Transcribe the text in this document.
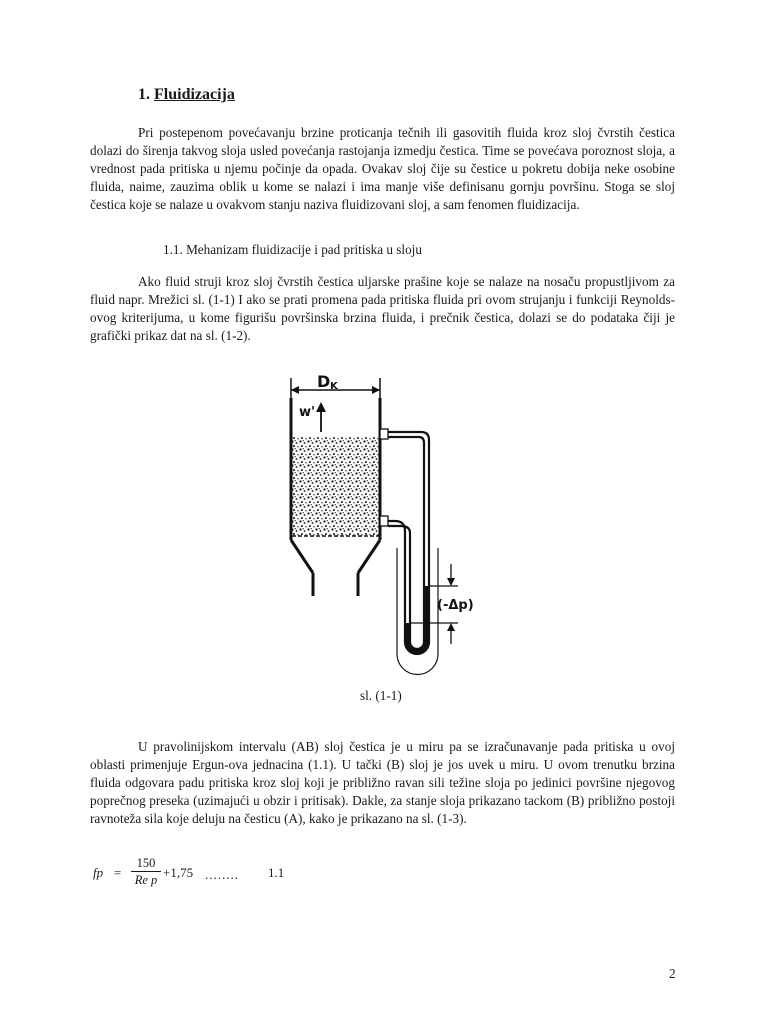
1. Fluidizacija

Pri postepenom povećavanju brzine proticanja tečnih ili gasovitih fluida kroz sloj čvrstih čestica dolazi do širenja takvog sloja usled povećanja rastojanja izmedju čestica. Time se povećava poroznost sloja, a vrednost pada pritiska u njemu počinje da opada. Ovakav sloj čije su čestice u pokretu dobija neke osobine fluida, naime, zauzima oblik u kome se nalazi i ima manje više definisanu gornju površinu. Stoga se sloj čestica koje se nalaze u ovakvom stanju naziva fluidizovani sloj, a sam fenomen fluidizacija.

1.1. Mehanizam fluidizacije i pad pritiska u sloju

Ako fluid struji kroz sloj čvrstih čestica uljarske prašine koje se nalaze na nosaču propustljivom za fluid napr. Mrežici sl. (1-1) I ako se prati promena pada pritiska fluida pri ovom strujanju i funkciji Reynolds-ovog kriterijuma, u kome figurišu površinska brzina fluida, i prečnik čestica, dolazi se do podataka čiji je grafički prikaz dat na sl. (1-2).

D K
w'
(-Δp)
sl. (1-1)

U pravolinijskom intervalu (AB) sloj čestica je u miru pa se izračunavanje pada pritiska u ovoj oblasti primenjuje Ergun-ova jednacina (1.1). U tački (B) sloj je jos uvek u miru. U ovom trenutku brzina fluida odgovara padu pritiska kroz sloj koji je približno ravan sili težine sloja po jedinici površine njegovog poprečnog preseka (uzimajući u obzir i pritisak). Dakle, za stanje sloja prikazano tackom (B) približno postoji ravnoteža sila koje deluju na česticu (A), kako je prikazano na sl. (1-3).

fp = $\frac{150}{\text{Re p}} +1,75$ ........ 1.1
2
